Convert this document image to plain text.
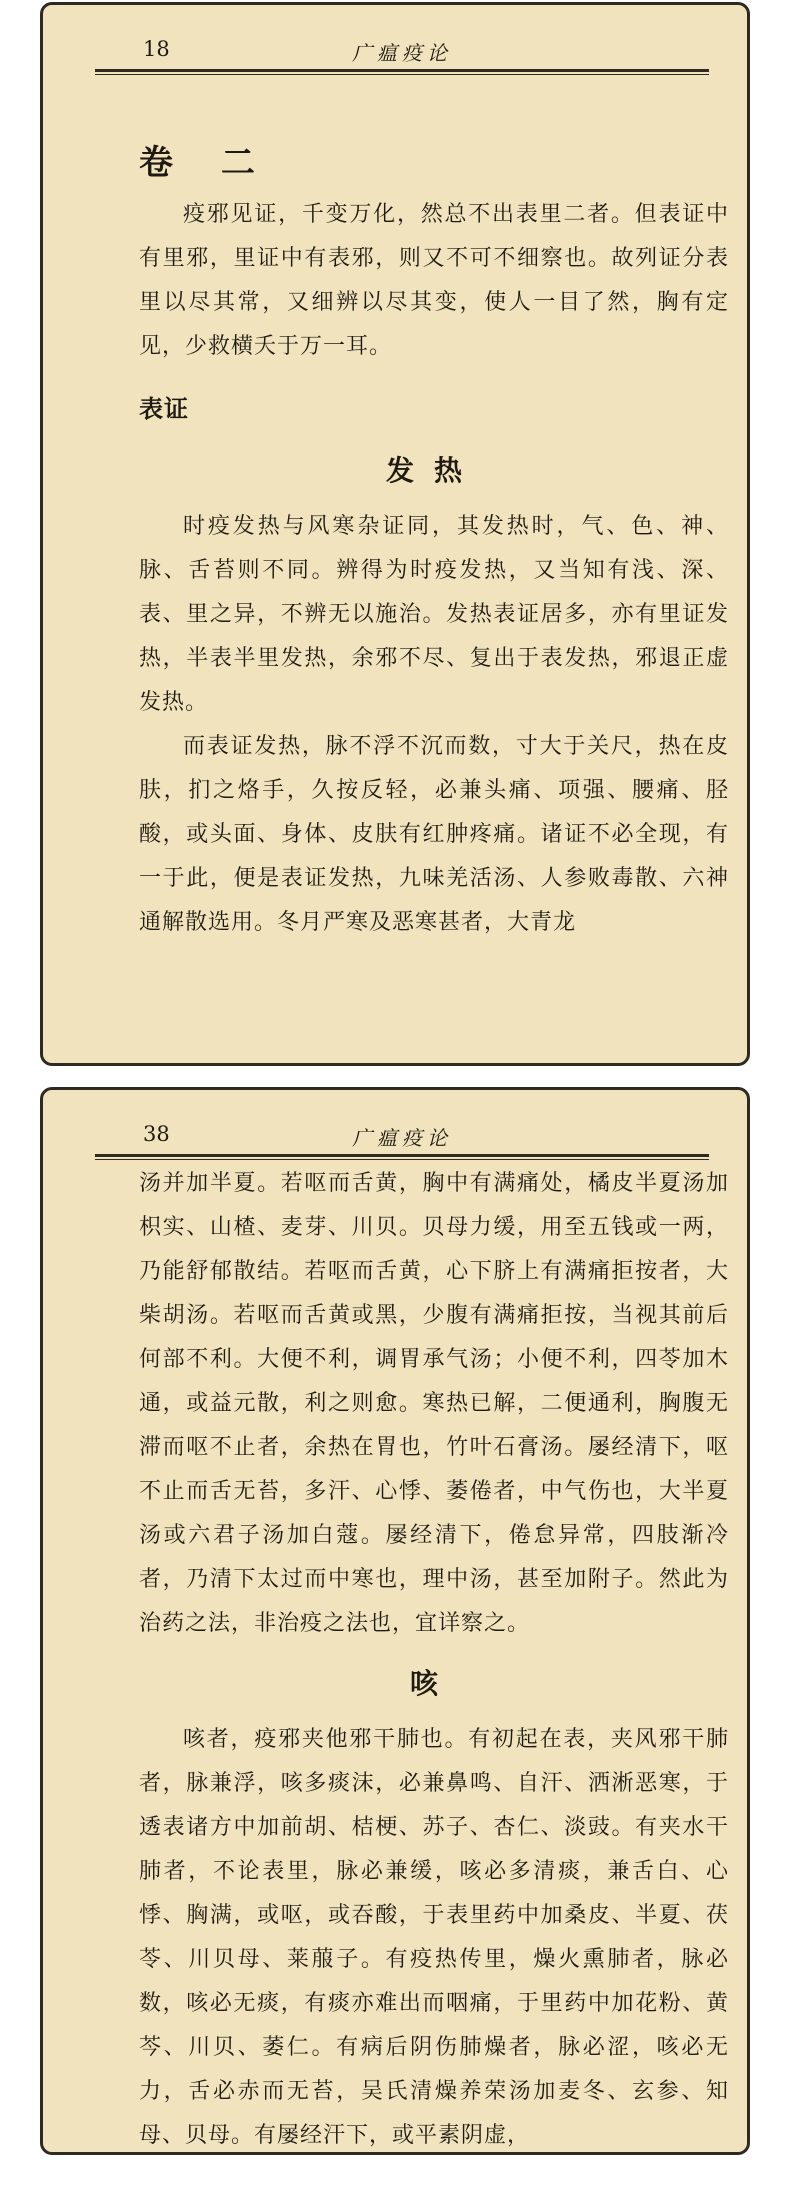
18	广瘟疫论

卷 二

疫邪见证，千变万化，然总不出表里二者。但表证中有里邪，里证中有表邪，则又不可不细察也。故列证分表里以尽其常，又细辨以尽其变，使人一目了然，胸有定见，少救横夭于万一耳。

表证

发热

时疫发热与风寒杂证同，其发热时，气、色、神、脉、舌苔则不同。辨得为时疫发热，又当知有浅、深、表、里之异，不辨无以施治。发热表证居多，亦有里证发热，半表半里发热，余邪不尽、复出于表发热，邪退正虚发热。

而表证发热，脉不浮不沉而数，寸大于关尺，热在皮肤，扪之烙手，久按反轻，必兼头痛、项强、腰痛、胫酸，或头面、身体、皮肤有红肿疼痛。诸证不必全现，有一于此，便是表证发热，九味羌活汤、人参败毒散、六神通解散选用。冬月严寒及恶寒甚者，大青龙

38	广瘟疫论

汤并加半夏。若呕而舌黄，胸中有满痛处，橘皮半夏汤加枳实、山楂、麦芽、川贝。贝母力缓，用至五钱或一两，乃能舒郁散结。若呕而舌黄，心下脐上有满痛拒按者，大柴胡汤。若呕而舌黄或黑，少腹有满痛拒按，当视其前后何部不利。大便不利，调胃承气汤；小便不利，四苓加木通，或益元散，利之则愈。寒热已解，二便通利，胸腹无滞而呕不止者，余热在胃也，竹叶石膏汤。屡经清下，呕不止而舌无苔，多汗、心悸、萎倦者，中气伤也，大半夏汤或六君子汤加白蔻。屡经清下，倦怠异常，四肢渐冷者，乃清下太过而中寒也，理中汤，甚至加附子。然此为治药之法，非治疫之法也，宜详察之。

咳

咳者，疫邪夹他邪干肺也。有初起在表，夹风邪干肺者，脉兼浮，咳多痰沫，必兼鼻鸣、自汗、洒淅恶寒，于透表诸方中加前胡、桔梗、苏子、杏仁、淡豉。有夹水干肺者，不论表里，脉必兼缓，咳必多清痰，兼舌白、心悸、胸满，或呕，或吞酸，于表里药中加桑皮、半夏、茯苓、川贝母、莱菔子。有疫热传里，燥火熏肺者，脉必数，咳必无痰，有痰亦难出而咽痛，于里药中加花粉、黄芩、川贝、萎仁。有病后阴伤肺燥者，脉必涩，咳必无力，舌必赤而无苔，吴氏清燥养荣汤加麦冬、玄参、知母、贝母。有屡经汗下，或平素阴虚，
